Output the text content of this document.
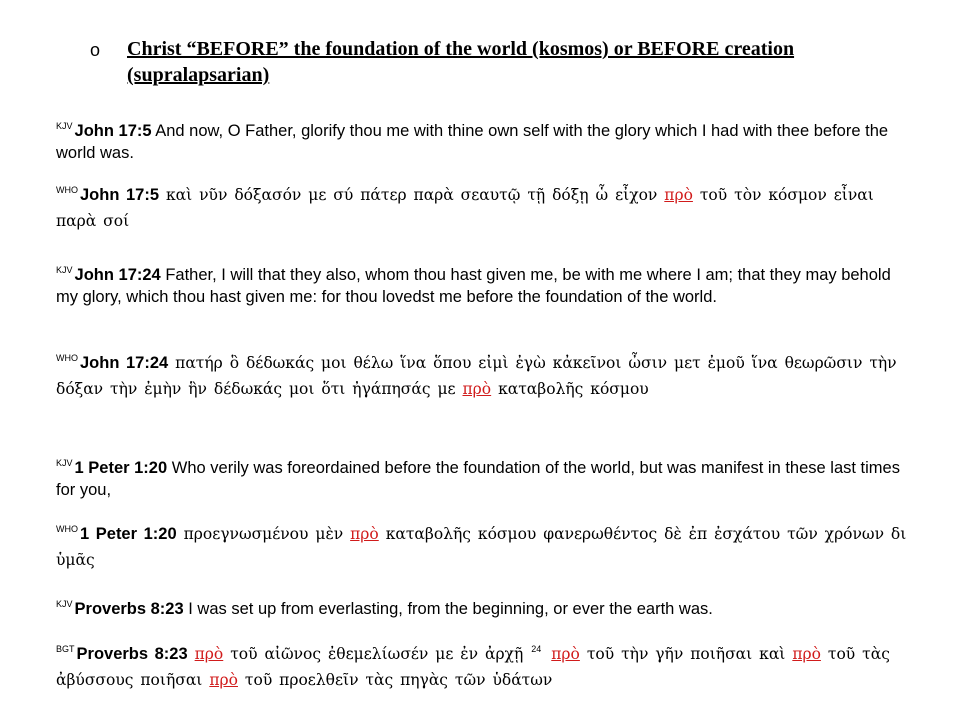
o Christ “BEFORE” the foundation of the world (kosmos) or BEFORE creation (supralapsarian)
$^{KJV}$ John 17:5 And now, O Father, glorify thou me with thine own self with the glory which I had with thee before the world was.
$^{WHO}$ John 17:5 καὶ νῦν δόξασόν με σύ πάτερ παρὰ σεαυτῷ τῇ δόξῃ ὧ εἶχον πρὸ τοῦ τὸν κόσμον εἶναι παρὰ σοί
$^{KJV}$ John 17:24 Father, I will that they also, whom thou hast given me, be with me where I am; that they may behold my glory, which thou hast given me: for thou lovedst me before the foundation of the world.
$^{WHO}$ John 17:24 πατήρ ὃ δέδωκάς μοι θέλω ἵνα ὅπου εἰμὶ ἐγὼ κἀκεῖνοι ὦσιν μετ ἐμοῦ ἵνα θεωρῶσιν τὴν δόξαν τὴν ἐμὴν ἣν δέδωκάς μοι ὅτι ἠγάπησάς με πρὸ καταβολῆς κόσμου
$^{KJV}$ 1 Peter 1:20 Who verily was foreordained before the foundation of the world, but was manifest in these last times for you,
$^{WHO}$ 1 Peter 1:20 προεγνωσμένου μὲν πρὸ καταβολῆς κόσμου φανερωθέντος δὲ ἐπ ἐσχάτου τῶν χρόνων δι ὑμᾶς
$^{KJV}$ Proverbs 8:23 I was set up from everlasting, from the beginning, or ever the earth was.
$^{BGT}$ Proverbs 8:23 πρὸ τοῦ αἰῶνος ἐθεμελίωσέν με ἐν ἀρχῇ $^{24}$ πρὸ τοῦ τὴν γῆν ποιῆσαι καὶ πρὸ τοῦ τὰς ἀβύσσους ποιῆσαι πρὸ τοῦ προελθεῖν τὰς πηγὰς τῶν ὑδάτων
